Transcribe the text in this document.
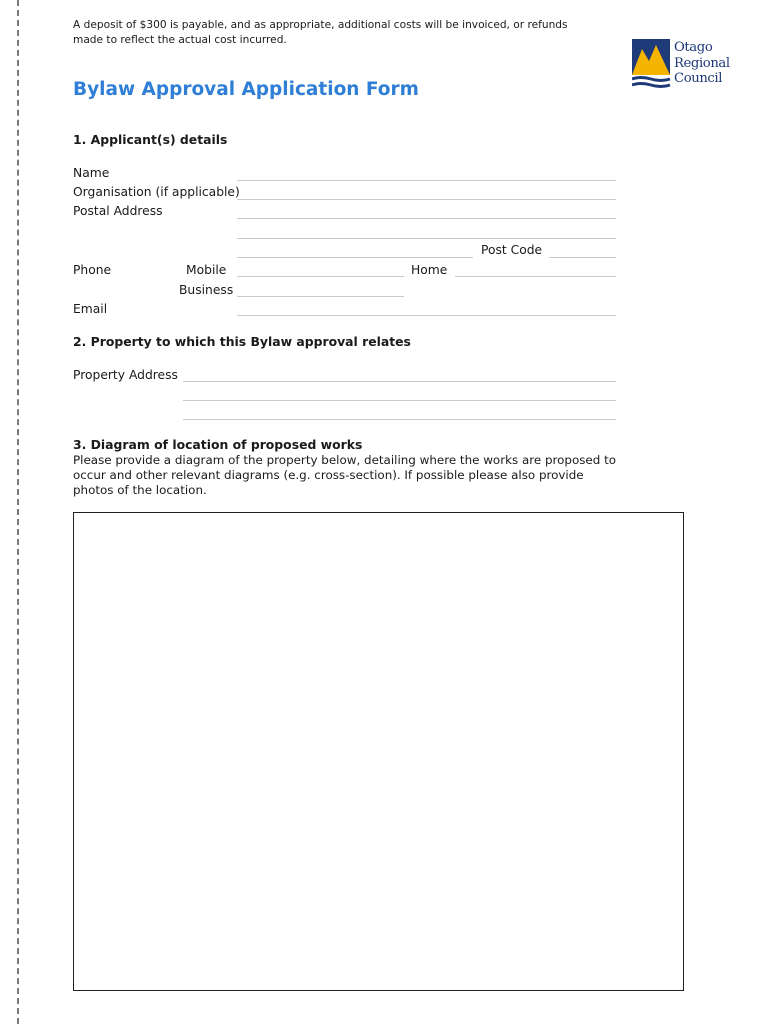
A deposit of $300 is payable, and as appropriate, additional costs will be invoiced, or refunds made to reflect the actual cost incurred.	Otago
Regional
Council
Bylaw Approval Application Form
1. Applicant(s) details
Name
Organisation (if applicable)
Postal Address
Post Code
Phone	Mobile	Home
Business
Email
2. Property to which this Bylaw approval relates
Property Address
3. Diagram of location of proposed works
Please provide a diagram of the property below, detailing where the works are proposed to occur and other relevant diagrams (e.g. cross-section). If possible please also provide photos of the location.
